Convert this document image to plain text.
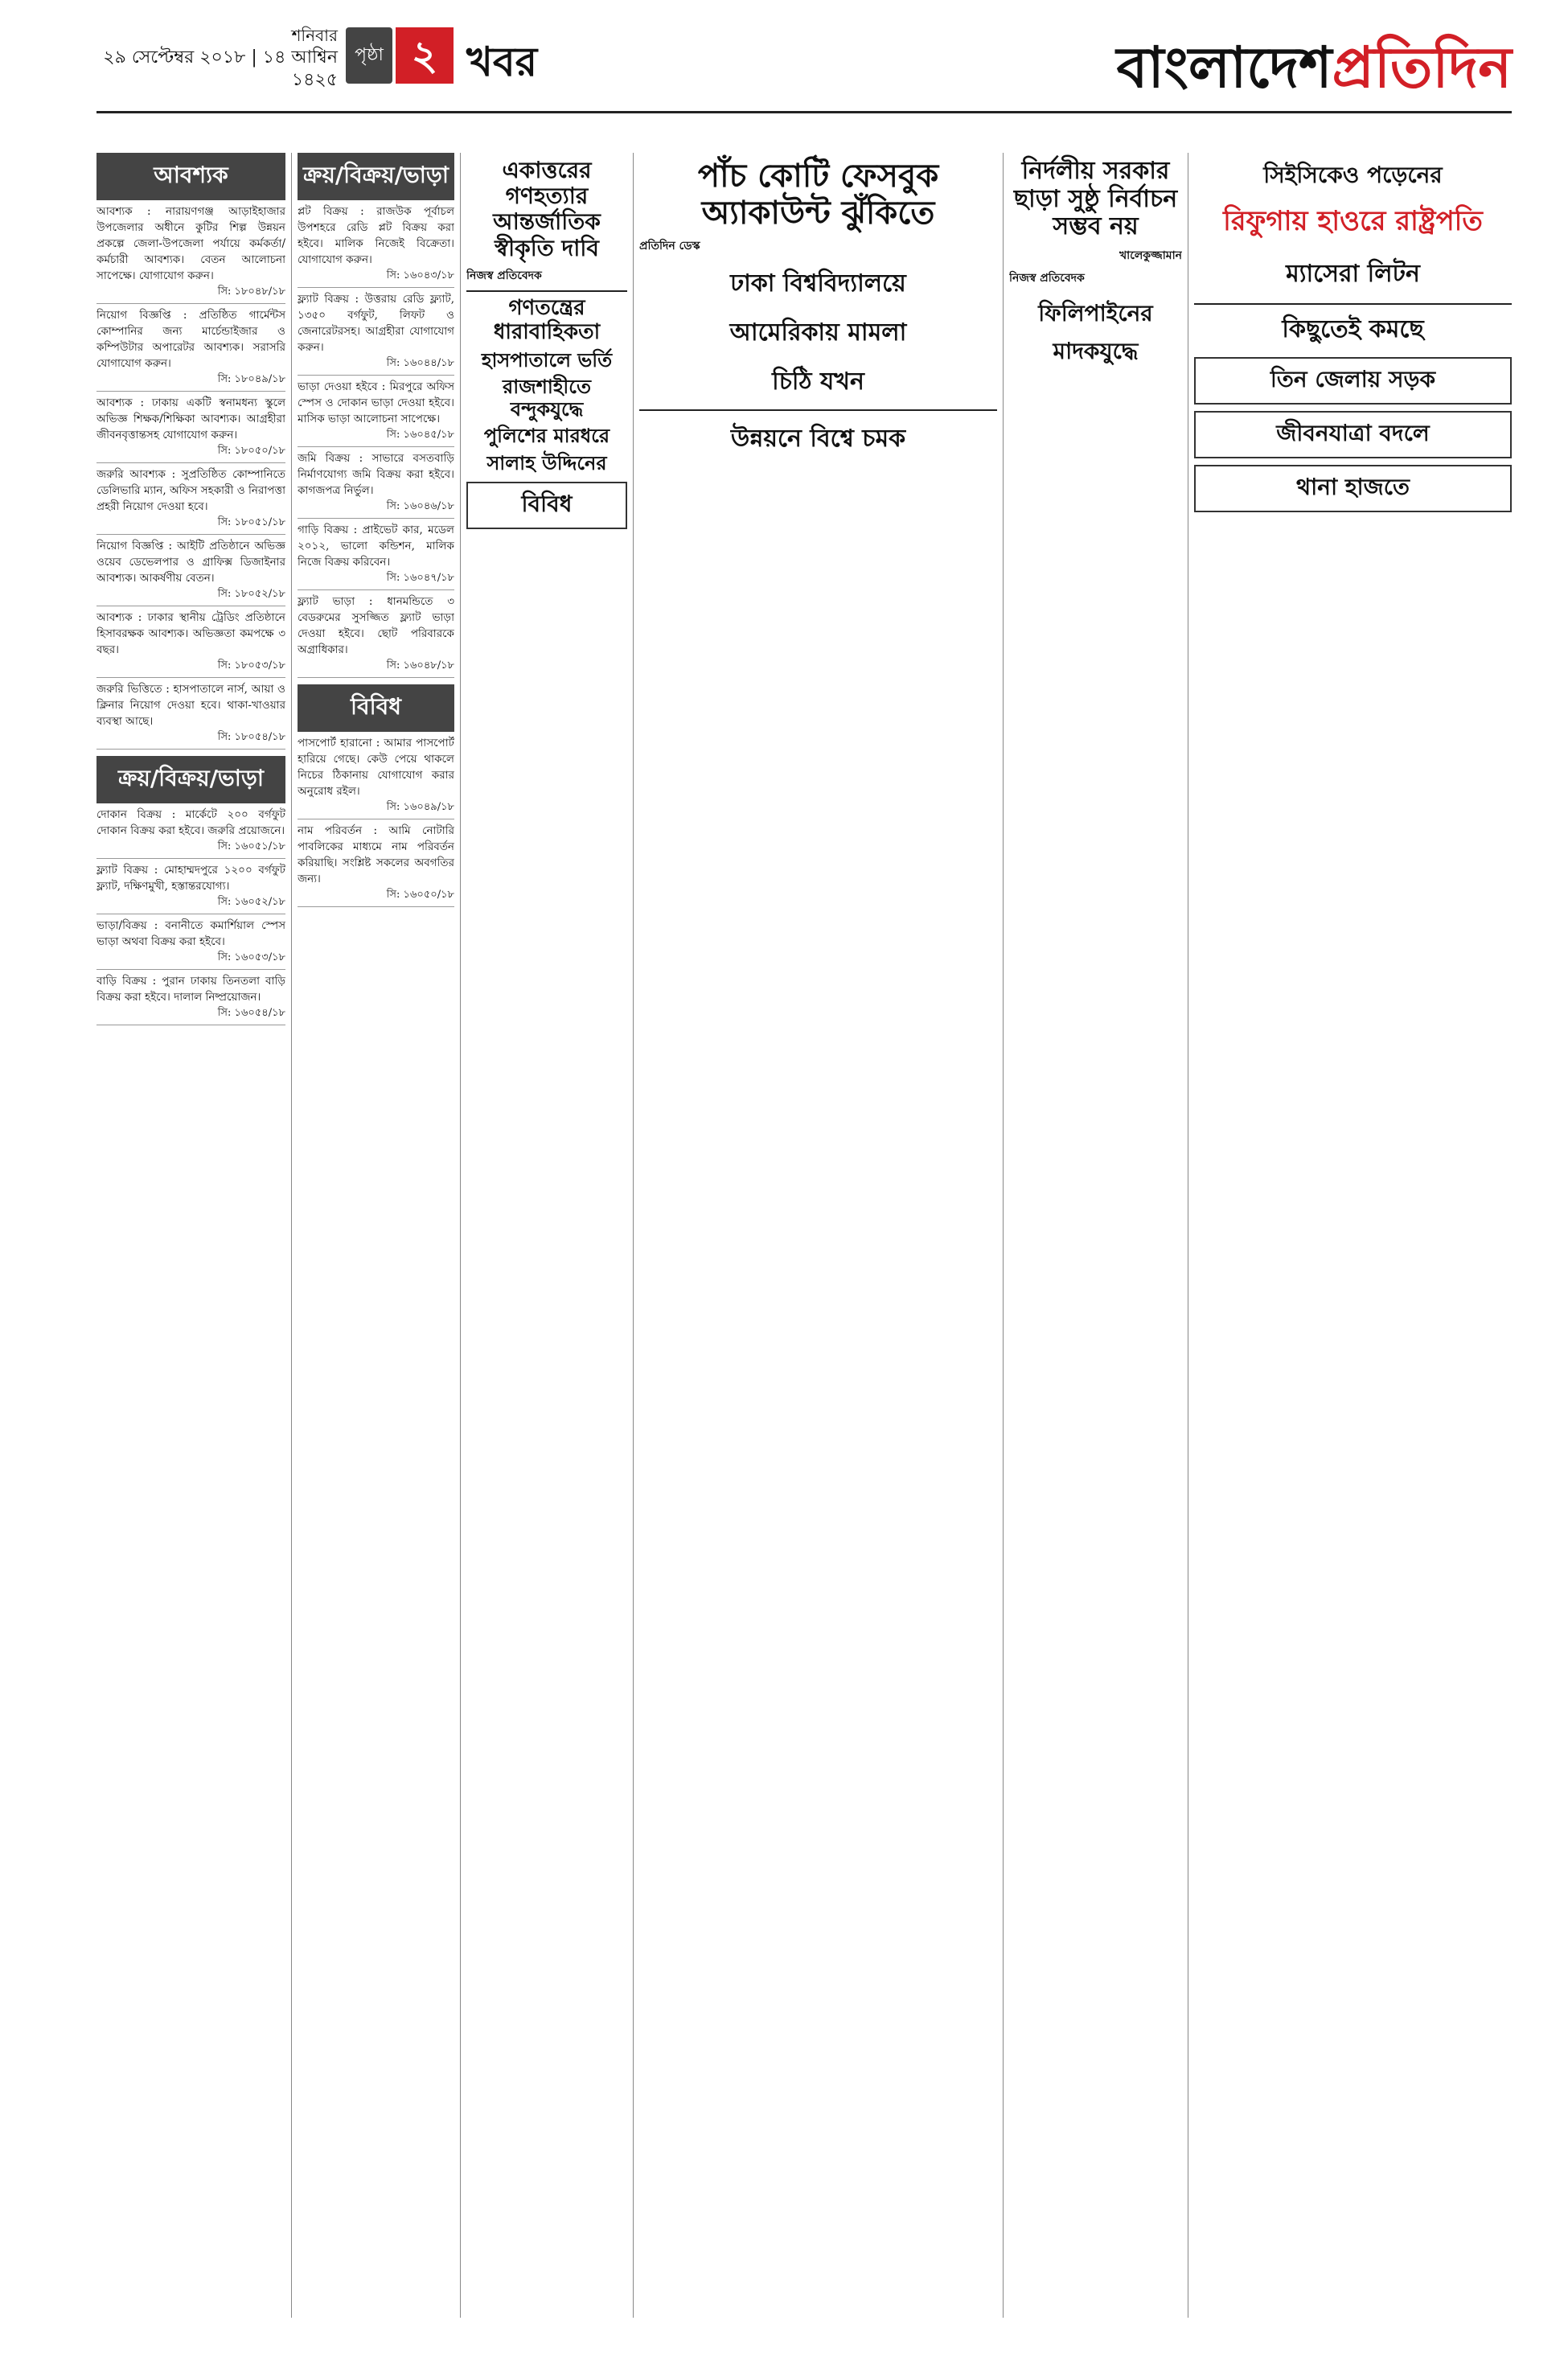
শনিবার
২৯ সেপ্টেম্বর ২০১৮ | ১৪ আশ্বিন ১৪২৫
পৃষ্ঠা ২ খবর	বাংলাদেশপ্রতিদিন
আবশ্যক
আবশ্যক : নারায়ণগঞ্জ আড়াইহাজার উপজেলার অধীনে কুটির শিল্প উন্নয়ন প্রকল্পে জেলা-উপজেলা পর্যায়ে কর্মকর্তা/কর্মচারী আবশ্যক। বেতন আলোচনা সাপেক্ষে। যোগাযোগ করুন।
সি: ১৮০৪৮/১৮
নিয়োগ বিজ্ঞপ্তি : প্রতিষ্ঠিত গার্মেন্টস কোম্পানির জন্য মার্চেন্ডাইজার ও কম্পিউটার অপারেটর আবশ্যক। সরাসরি যোগাযোগ করুন।
সি: ১৮০৪৯/১৮
আবশ্যক : ঢাকায় একটি স্বনামধন্য স্কুলে অভিজ্ঞ শিক্ষক/শিক্ষিকা আবশ্যক। আগ্রহীরা জীবনবৃত্তান্তসহ যোগাযোগ করুন।
সি: ১৮০৫০/১৮
জরুরি আবশ্যক : সুপ্রতিষ্ঠিত কোম্পানিতে ডেলিভারি ম্যান, অফিস সহকারী ও নিরাপত্তা প্রহরী নিয়োগ দেওয়া হবে।
সি: ১৮০৫১/১৮
নিয়োগ বিজ্ঞপ্তি : আইটি প্রতিষ্ঠানে অভিজ্ঞ ওয়েব ডেভেলপার ও গ্রাফিক্স ডিজাইনার আবশ্যক। আকর্ষণীয় বেতন।
সি: ১৮০৫২/১৮
আবশ্যক : ঢাকার স্থানীয় ট্রেডিং প্রতিষ্ঠানে হিসাবরক্ষক আবশ্যক। অভিজ্ঞতা কমপক্ষে ৩ বছর।
সি: ১৮০৫৩/১৮
জরুরি ভিত্তিতে : হাসপাতালে নার্স, আয়া ও ক্লিনার নিয়োগ দেওয়া হবে। থাকা-খাওয়ার ব্যবস্থা আছে।
সি: ১৮০৫৪/১৮
ক্রয়/বিক্রয়/ভাড়া
দোকান বিক্রয় : মার্কেটে ২০০ বর্গফুট দোকান বিক্রয় করা হইবে। জরুরি প্রয়োজনে।
সি: ১৬০৫১/১৮
ফ্ল্যাট বিক্রয় : মোহাম্মদপুরে ১২০০ বর্গফুট ফ্ল্যাট, দক্ষিণমুখী, হস্তান্তরযোগ্য।
সি: ১৬০৫২/১৮
ভাড়া/বিক্রয় : বনানীতে কমার্শিয়াল স্পেস ভাড়া অথবা বিক্রয় করা হইবে।
সি: ১৬০৫৩/১৮
বাড়ি বিক্রয় : পুরান ঢাকায় তিনতলা বাড়ি বিক্রয় করা হইবে। দালাল নিষ্প্রয়োজন।
সি: ১৬০৫৪/১৮
ক্রয়/বিক্রয়/ভাড়া
প্লট বিক্রয় : রাজউক পূর্বাচল উপশহরে রেডি প্লট বিক্রয় করা হইবে। মালিক নিজেই বিক্রেতা। যোগাযোগ করুন।
সি: ১৬০৪৩/১৮
ফ্ল্যাট বিক্রয় : উত্তরায় রেডি ফ্ল্যাট, ১৩৫০ বর্গফুট, লিফট ও জেনারেটরসহ। আগ্রহীরা যোগাযোগ করুন।
সি: ১৬০৪৪/১৮
ভাড়া দেওয়া হইবে : মিরপুরে অফিস স্পেস ও দোকান ভাড়া দেওয়া হইবে। মাসিক ভাড়া আলোচনা সাপেক্ষে।
সি: ১৬০৪৫/১৮
জমি বিক্রয় : সাভারে বসতবাড়ি নির্মাণযোগ্য জমি বিক্রয় করা হইবে। কাগজপত্র নির্ভুল।
সি: ১৬০৪৬/১৮
গাড়ি বিক্রয় : প্রাইভেট কার, মডেল ২০১২, ভালো কন্ডিশন, মালিক নিজে বিক্রয় করিবেন।
সি: ১৬০৪৭/১৮
ফ্ল্যাট ভাড়া : ধানমন্ডিতে ৩ বেডরুমের সুসজ্জিত ফ্ল্যাট ভাড়া দেওয়া হইবে। ছোট পরিবারকে অগ্রাধিকার।
সি: ১৬০৪৮/১৮
বিবিধ
পাসপোর্ট হারানো : আমার পাসপোর্ট হারিয়ে গেছে। কেউ পেয়ে থাকলে নিচের ঠিকানায় যোগাযোগ করার অনুরোধ রইল।
সি: ১৬০৪৯/১৮
নাম পরিবর্তন : আমি নোটারি পাবলিকের মাধ্যমে নাম পরিবর্তন করিয়াছি। সংশ্লিষ্ট সকলের অবগতির জন্য।
সি: ১৬০৫০/১৮
একাত্তরের গণহত্যার আন্তর্জাতিক স্বীকৃতি দাবি
নিজস্ব প্রতিবেদক
গণতন্ত্রের ধারাবাহিকতা
হাসপাতালে ভর্তি
রাজশাহীতে বন্দুকযুদ্ধে
পুলিশের মারধরে
সালাহ উদ্দিনের
বিবিধ
পাঁচ কোটি ফেসবুক অ্যাকাউন্ট ঝুঁকিতে
প্রতিদিন ডেস্ক
ঢাকা বিশ্ববিদ্যালয়ে
আমেরিকায় মামলা
চিঠি যখন
উন্নয়নে বিশ্বে চমক
নির্দলীয় সরকার ছাড়া সুষ্ঠু নির্বাচন সম্ভব নয়
খালেকুজ্জামান
নিজস্ব প্রতিবেদক
ফিলিপাইনের মাদকযুদ্ধে
সিইসিকেও পড়েনের
রিফুগায় হাওরে রাষ্ট্রপতি
ম্যাসেরা লিটন
কিছুতেই কমছে
তিন জেলায় সড়ক
জীবনযাত্রা বদলে
থানা হাজতে
